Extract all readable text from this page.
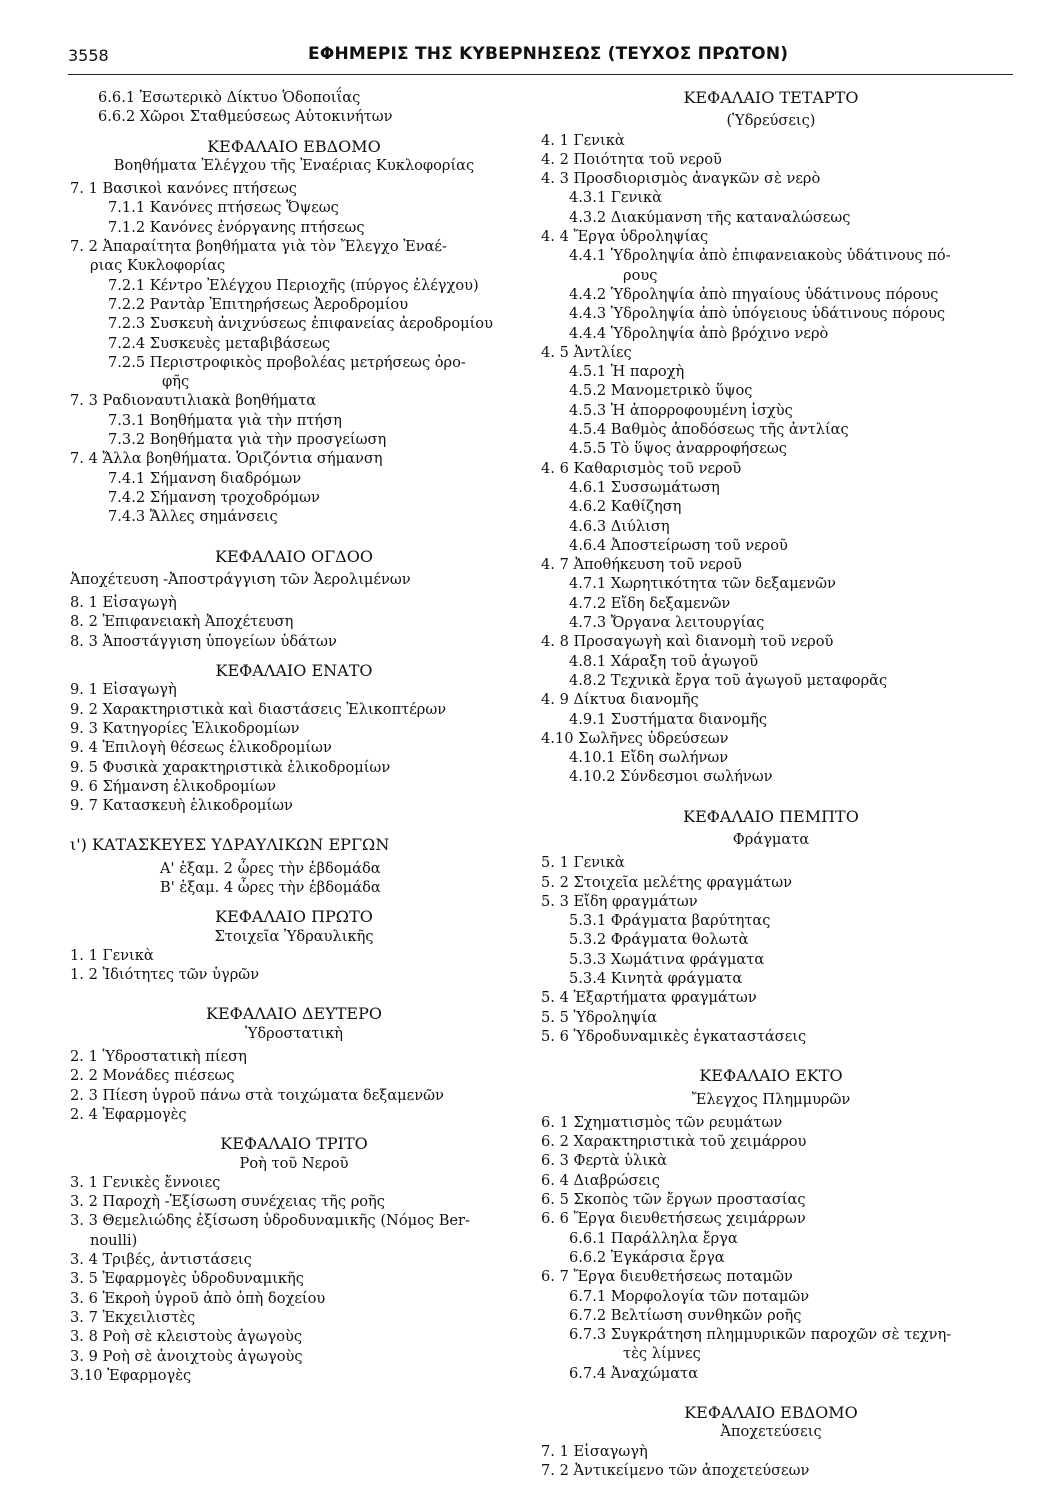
3558	ΕΦΗΜΕΡΙΣ ΤΗΣ ΚΥΒΕΡΝΗΣΕΩΣ (ΤΕΥΧΟΣ ΠΡΩΤΟΝ)
6.6.1 Ἐσωτερικὸ Δίκτυο Ὁδοποιΐας
6.6.2 Χῶροι Σταθμεύσεως Αὐτοκινήτων
ΚΕΦΑΛΑΙΟ ΕΒΔΟΜΟ
Βοηθήματα Ἐλέγχου τῆς Ἐναέριας Κυκλοφορίας
7. 1 Βασικοὶ κανόνες πτήσεως
7.1.1 Κανόνες πτήσεως Ὄψεως
7.1.2 Κανόνες ἐνόργανης πτήσεως
7. 2 Ἀπαραίτητα βοηθήματα γιὰ τὸν Ἔλεγχο Ἐναέ-
ριας Κυκλοφορίας
7.2.1 Κέντρο Ἐλέγχου Περιοχῆς (πύργος ἐλέγχου)
7.2.2 Ραντὰρ Ἐπιτηρήσεως Ἀεροδρομίου
7.2.3 Συσκευὴ ἀνιχνύσεως ἐπιφανείας ἀεροδρομίου
7.2.4 Συσκευὲς μεταβιβάσεως
7.2.5 Περιστροφικὸς προβολέας μετρήσεως ὀρο-
φῆς
7. 3 Ραδιοναυτιλιακὰ βοηθήματα
7.3.1 Βοηθήματα γιὰ τὴν πτήση
7.3.2 Βοηθήματα γιὰ τὴν προσγείωση
7. 4 Ἄλλα βοηθήματα. Ὁριζόντια σήμανση
7.4.1 Σήμανση διαδρόμων
7.4.2 Σήμανση τροχοδρόμων
7.4.3 Ἄλλες σημάνσεις
ΚΕΦΑΛΑΙΟ ΟΓΔΟΟ
Ἀποχέτευση -Ἀποστράγγιση τῶν Ἀερολιμένων
8. 1 Εἰσαγωγὴ
8. 2 Ἐπιφανειακὴ Ἀποχέτευση
8. 3 Ἀποστάγγιση ὑπογείων ὑδάτων
ΚΕΦΑΛΑΙΟ ΕΝΑΤΟ
9. 1 Εἰσαγωγὴ
9. 2 Χαρακτηριστικὰ καὶ διαστάσεις Ἑλικοπτέρων
9. 3 Κατηγορίες Ἑλικοδρομίων
9. 4 Ἐπιλογὴ θέσεως ἑλικοδρομίων
9. 5 Φυσικὰ χαρακτηριστικὰ ἑλικοδρομίων
9. 6 Σήμανση ἑλικοδρομίων
9. 7 Κατασκευὴ ἑλικοδρομίων
ι') ΚΑΤΑΣΚΕΥΕΣ ΥΔΡΑΥΛΙΚΩΝ ΕΡΓΩΝ
Α' ἑξαμ. 2 ὧρες τὴν ἑβδομάδα
Β' ἑξαμ. 4 ὧρες τὴν ἑβδομάδα
ΚΕΦΑΛΑΙΟ ΠΡΩΤΟ
Στοιχεῖα Ὑδραυλικῆς
1. 1 Γενικὰ
1. 2 Ἰδιότητες τῶν ὑγρῶν
ΚΕΦΑΛΑΙΟ ΔΕΥΤΕΡΟ
Ὑδροστατικὴ
2. 1 Ὑδροστατικὴ πίεση
2. 2 Μονάδες πιέσεως
2. 3 Πίεση ὑγροῦ πάνω στὰ τοιχώματα δεξαμενῶν
2. 4 Ἐφαρμογὲς
ΚΕΦΑΛΑΙΟ ΤΡΙΤΟ
Ροὴ τοῦ Νεροῦ
3. 1 Γενικὲς ἔννοιες
3. 2 Παροχὴ -Ἐξίσωση συνέχειας τῆς ροῆς
3. 3 Θεμελιώδης ἐξίσωση ὑδροδυναμικῆς (Νόμος Ber-
noulli)
3. 4 Τριβές, ἀντιστάσεις
3. 5 Ἐφαρμογὲς ὑδροδυναμικῆς
3. 6 Ἐκροὴ ὑγροῦ ἀπὸ ὀπὴ δοχείου
3. 7 Ἐκχειλιστὲς
3. 8 Ροὴ σὲ κλειστοὺς ἀγωγοὺς
3. 9 Ροὴ σὲ ἀνοιχτοὺς ἀγωγοὺς
3.10 Ἐφαρμογὲς
ΚΕΦΑΛΑΙΟ ΤΕΤΑΡΤΟ
(Ὑδρεύσεις)
4. 1 Γενικὰ
4. 2 Ποιότητα τοῦ νεροῦ
4. 3 Προσδιορισμὸς ἀναγκῶν σὲ νερὸ
4.3.1 Γενικὰ
4.3.2 Διακύμανση τῆς καταναλώσεως
4. 4 Ἔργα ὑδροληψίας
4.4.1 Ὑδροληψία ἀπὸ ἐπιφανειακοὺς ὑδάτινους πό-
ρους
4.4.2 Ὑδροληψία ἀπὸ πηγαίους ὑδάτινους πόρους
4.4.3 Ὑδροληψία ἀπὸ ὑπόγειους ὑδάτινους πόρους
4.4.4 Ὑδροληψία ἀπὸ βρόχινο νερὸ
4. 5 Ἀντλίες
4.5.1 Ἡ παροχὴ
4.5.2 Μανομετρικὸ ὕψος
4.5.3 Ἡ ἀπορροφουμένη ἰσχὺς
4.5.4 Βαθμὸς ἀποδόσεως τῆς ἀντλίας
4.5.5 Τὸ ὕψος ἀναρροφήσεως
4. 6 Καθαρισμὸς τοῦ νεροῦ
4.6.1 Συσσωμάτωση
4.6.2 Καθίζηση
4.6.3 Διύλιση
4.6.4 Ἀποστείρωση τοῦ νεροῦ
4. 7 Ἀποθήκευση τοῦ νεροῦ
4.7.1 Χωρητικότητα τῶν δεξαμενῶν
4.7.2 Εἴδη δεξαμενῶν
4.7.3 Ὄργανα λειτουργίας
4. 8 Προσαγωγὴ καὶ διανομὴ τοῦ νεροῦ
4.8.1 Χάραξη τοῦ ἀγωγοῦ
4.8.2 Τεχνικὰ ἔργα τοῦ ἀγωγοῦ μεταφορᾶς
4. 9 Δίκτυα διανομῆς
4.9.1 Συστήματα διανομῆς
4.10 Σωλῆνες ὑδρεύσεων
4.10.1 Εἴδη σωλήνων
4.10.2 Σύνδεσμοι σωλήνων
ΚΕΦΑΛΑΙΟ ΠΕΜΠΤΟ
Φράγματα
5. 1 Γενικὰ
5. 2 Στοιχεῖα μελέτης φραγμάτων
5. 3 Εἴδη φραγμάτων
5.3.1 Φράγματα βαρύτητας
5.3.2 Φράγματα θολωτὰ
5.3.3 Χωμάτινα φράγματα
5.3.4 Κινητὰ φράγματα
5. 4 Ἐξαρτήματα φραγμάτων
5. 5 Ὑδροληψία
5. 6 Ὑδροδυναμικὲς ἐγκαταστάσεις
ΚΕΦΑΛΑΙΟ ΕΚΤΟ
Ἔλεγχος Πλημμυρῶν
6. 1 Σχηματισμὸς τῶν ρευμάτων
6. 2 Χαρακτηριστικὰ τοῦ χειμάρρου
6. 3 Φερτὰ ὑλικὰ
6. 4 Διαβρώσεις
6. 5 Σκοπὸς τῶν ἔργων προστασίας
6. 6 Ἔργα διευθετήσεως χειμάρρων
6.6.1 Παράλληλα ἔργα
6.6.2 Ἐγκάρσια ἔργα
6. 7 Ἔργα διευθετήσεως ποταμῶν
6.7.1 Μορφολογία τῶν ποταμῶν
6.7.2 Βελτίωση συνθηκῶν ροῆς
6.7.3 Συγκράτηση πλημμυρικῶν παροχῶν σὲ τεχνη-
τὲς λίμνες
6.7.4 Ἀναχώματα
ΚΕΦΑΛΑΙΟ ΕΒΔΟΜΟ
Ἀποχετεύσεις
7. 1 Εἰσαγωγὴ
7. 2 Ἀντικείμενο τῶν ἀποχετεύσεων
